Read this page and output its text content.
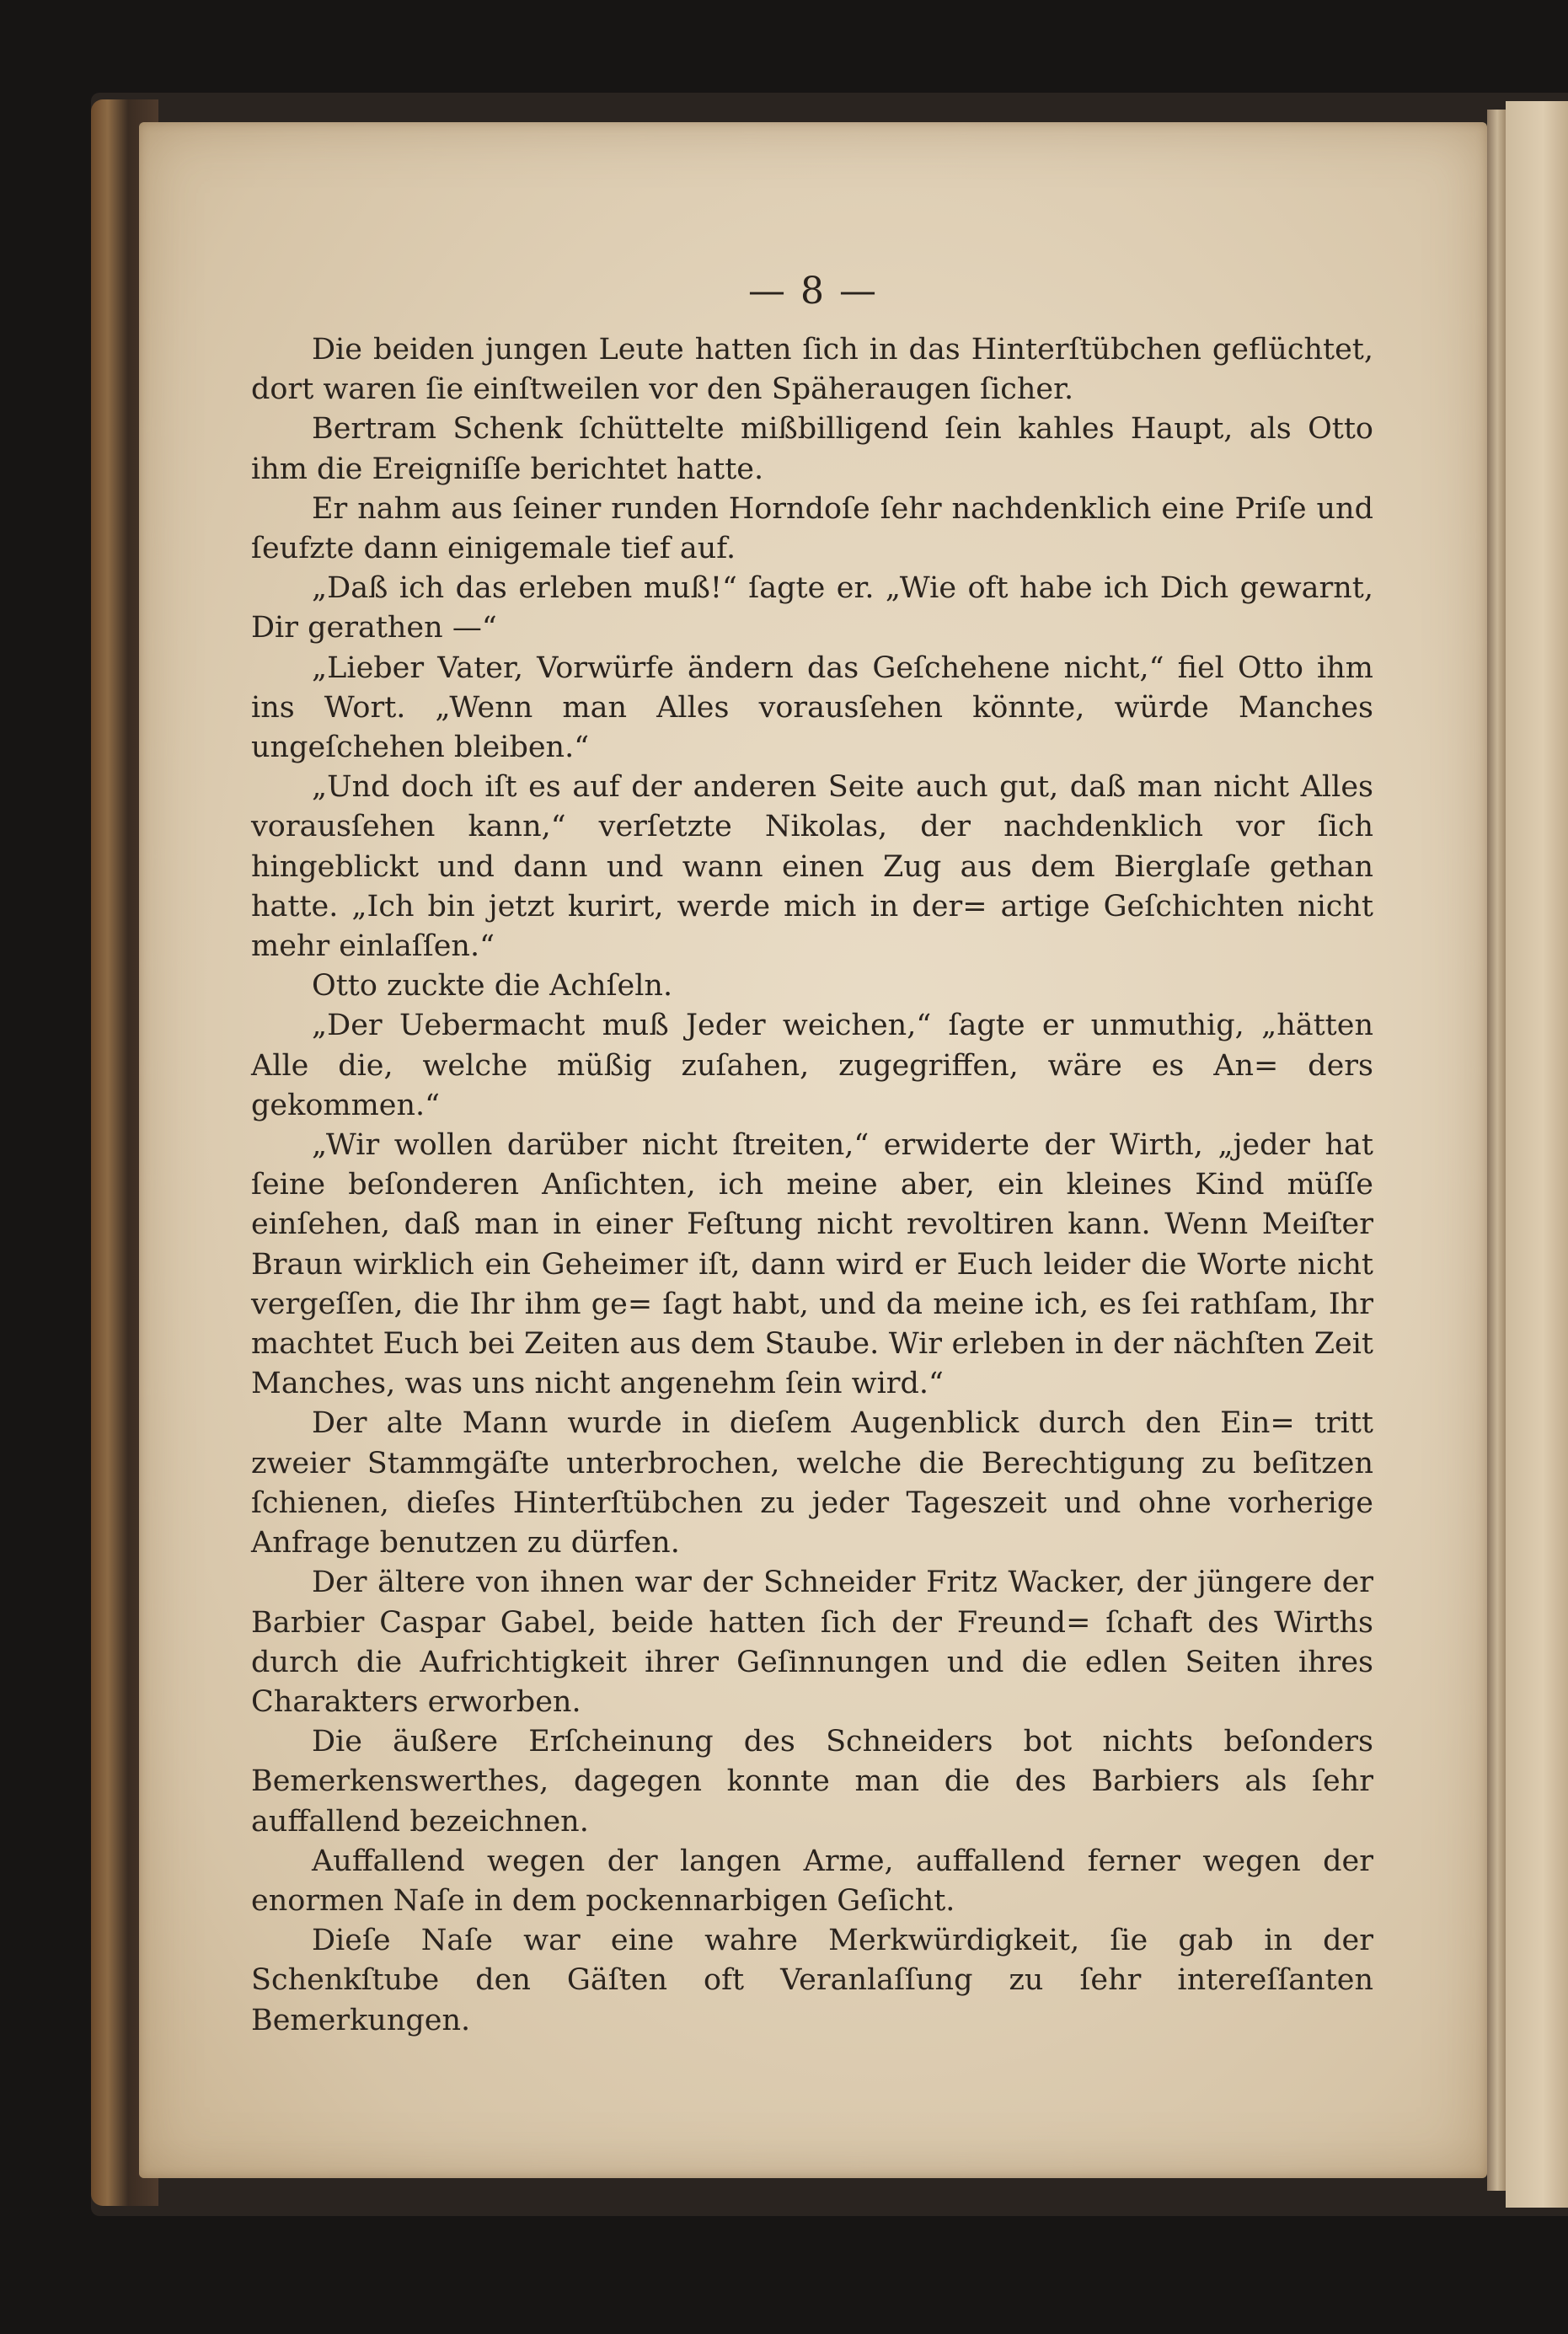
— 8 —

Die beiden jungen Leute hatten ſich in das Hinterſtübchen geflüchtet, dort waren ſie einſtweilen vor den Späheraugen ſicher.

Bertram Schenk ſchüttelte mißbilligend ſein kahles Haupt, als Otto ihm die Ereigniſſe berichtet hatte.

Er nahm aus ſeiner runden Horndoſe ſehr nachdenklich eine Priſe und ſeufzte dann einigemale tief auf.

„Daß ich das erleben muß!“ ſagte er. „Wie oft habe ich Dich gewarnt, Dir gerathen —“

„Lieber Vater, Vorwürfe ändern das Geſchehene nicht,“ fiel Otto ihm ins Wort. „Wenn man Alles vorausſehen könnte, würde Manches ungeſchehen bleiben.“

„Und doch iſt es auf der anderen Seite auch gut, daß man nicht Alles vorausſehen kann,“ verſetzte Nikolas, der nachdenklich vor ſich hingeblickt und dann und wann einen Zug aus dem Bierglaſe gethan hatte. „Ich bin jetzt kurirt, werde mich in der= artige Geſchichten nicht mehr einlaſſen.“

Otto zuckte die Achſeln.

„Der Uebermacht muß Jeder weichen,“ ſagte er unmuthig, „hätten Alle die, welche müßig zuſahen, zugegriffen, wäre es An= ders gekommen.“

„Wir wollen darüber nicht ſtreiten,“ erwiderte der Wirth, „jeder hat ſeine beſonderen Anſichten, ich meine aber, ein kleines Kind müſſe einſehen, daß man in einer Feſtung nicht revoltiren kann. Wenn Meiſter Braun wirklich ein Geheimer iſt, dann wird er Euch leider die Worte nicht vergeſſen, die Ihr ihm ge= ſagt habt, und da meine ich, es ſei rathſam, Ihr machtet Euch bei Zeiten aus dem Staube. Wir erleben in der nächſten Zeit Manches, was uns nicht angenehm ſein wird.“

Der alte Mann wurde in dieſem Augenblick durch den Ein= tritt zweier Stammgäſte unterbrochen, welche die Berechtigung zu beſitzen ſchienen, dieſes Hinterſtübchen zu jeder Tageszeit und ohne vorherige Anfrage benutzen zu dürfen.

Der ältere von ihnen war der Schneider Fritz Wacker, der jüngere der Barbier Caspar Gabel, beide hatten ſich der Freund= ſchaft des Wirths durch die Aufrichtigkeit ihrer Geſinnungen und die edlen Seiten ihres Charakters erworben.

Die äußere Erſcheinung des Schneiders bot nichts beſonders Bemerkenswerthes, dagegen konnte man die des Barbiers als ſehr auffallend bezeichnen.

Auffallend wegen der langen Arme, auffallend ferner wegen der enormen Naſe in dem pockennarbigen Geſicht.

Dieſe Naſe war eine wahre Merkwürdigkeit, ſie gab in der Schenkſtube den Gäſten oft Veranlaſſung zu ſehr intereſſanten Bemerkungen.
